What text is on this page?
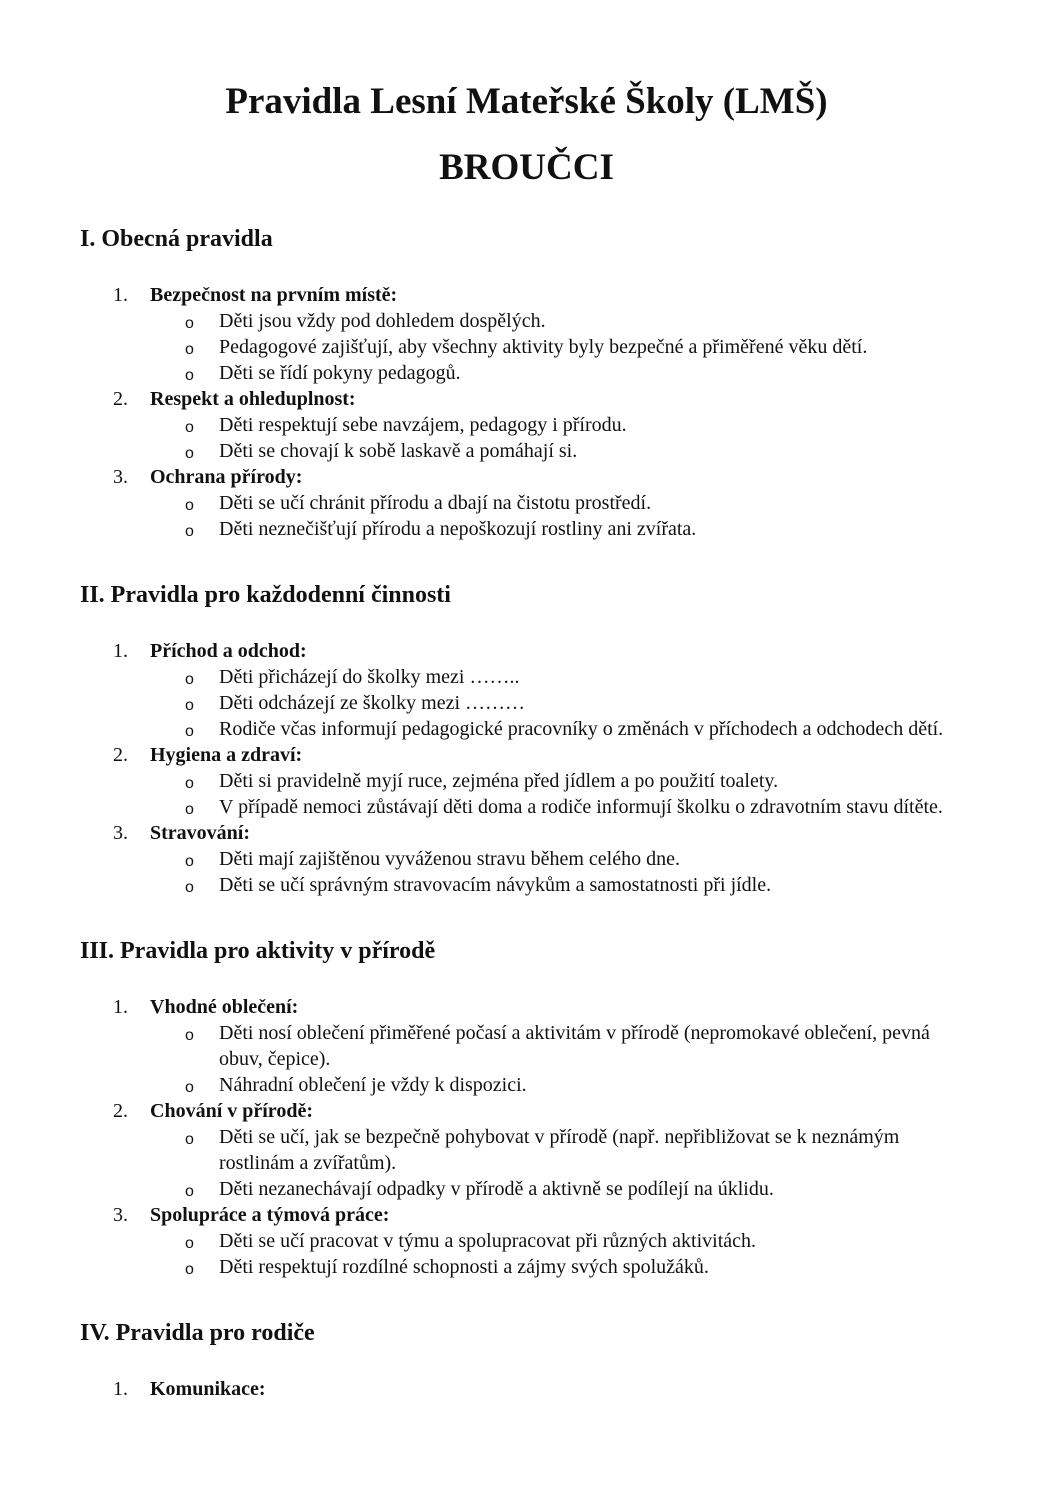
Pravidla Lesní Mateřské Školy (LMŠ)
BROUČCI
I. Obecná pravidla
1. Bezpečnost na prvním místě:
o Děti jsou vždy pod dohledem dospělých.
o Pedagogové zajišťují, aby všechny aktivity byly bezpečné a přiměřené věku dětí.
o Děti se řídí pokyny pedagogů.
2. Respekt a ohleduplnost:
o Děti respektují sebe navzájem, pedagogy i přírodu.
o Děti se chovají k sobě laskavě a pomáhají si.
3. Ochrana přírody:
o Děti se učí chránit přírodu a dbají na čistotu prostředí.
o Děti neznečišťují přírodu a nepoškozují rostliny ani zvířata.
II. Pravidla pro každodenní činnosti
1. Příchod a odchod:
o Děti přicházejí do školky mezi ……..
o Děti odcházejí ze školky mezi ………
o Rodiče včas informují pedagogické pracovníky o změnách v příchodech a odchodech dětí.
2. Hygiena a zdraví:
o Děti si pravidelně myjí ruce, zejména před jídlem a po použití toalety.
o V případě nemoci zůstávají děti doma a rodiče informují školku o zdravotním stavu dítěte.
3. Stravování:
o Děti mají zajištěnou vyváženou stravu během celého dne.
o Děti se učí správným stravovacím návykům a samostatnosti při jídle.
III. Pravidla pro aktivity v přírodě
1. Vhodné oblečení:
o Děti nosí oblečení přiměřené počasí a aktivitám v přírodě (nepromokavé oblečení, pevná obuv, čepice).
o Náhradní oblečení je vždy k dispozici.
2. Chování v přírodě:
o Děti se učí, jak se bezpečně pohybovat v přírodě (např. nepřibližovat se k neznámým rostlinám a zvířatům).
o Děti nezanechávají odpadky v přírodě a aktivně se podílejí na úklidu.
3. Spolupráce a týmová práce:
o Děti se učí pracovat v týmu a spolupracovat při různých aktivitách.
o Děti respektují rozdílné schopnosti a zájmy svých spolužáků.
IV. Pravidla pro rodiče
1. Komunikace:
